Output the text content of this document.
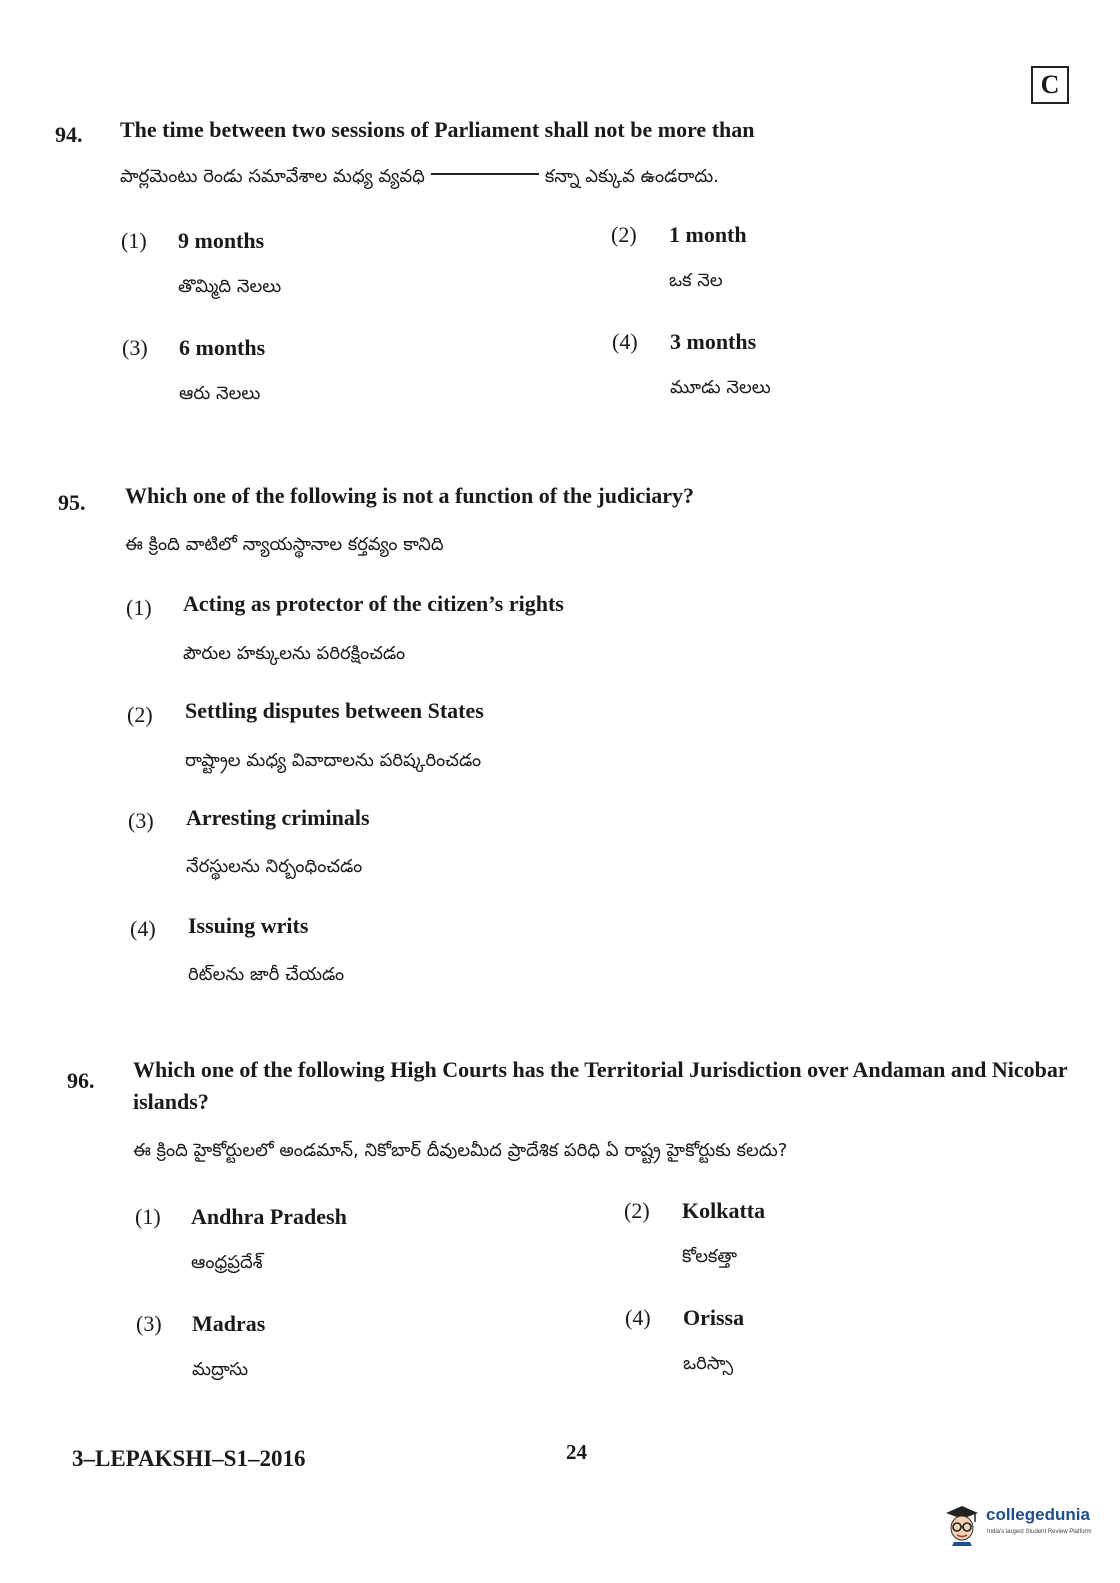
C
94. The time between two sessions of Parliament shall not be more than
పార్లమెంటు రెండు సమావేశాల మధ్య వ్యవధి	కన్నా ఎక్కువ ఉండరాదు.
(1) 9 months
తొమ్మిది నెలలు
(2) 1 month
ఒక నెల
(3) 6 months
ఆరు నెలలు
(4) 3 months
మూడు నెలలు
95. Which one of the following is not a function of the judiciary?
ఈ క్రింది వాటిలో న్యాయస్థానాల కర్తవ్యం కానిది
(1) Acting as protector of the citizen’s rights
పౌరుల హక్కులను పరిరక్షించడం
(2) Settling disputes between States
రాష్ట్రాల మధ్య వివాదాలను పరిష్కరించడం
(3) Arresting criminals
నేరస్థులను నిర్బంధించడం
(4) Issuing writs
రిట్‌లను జారీ చేయడం
96. Which one of the following High Courts has the Territorial Jurisdiction over Andaman and Nicobar islands?
ఈ క్రింది హైకోర్టులలో అండమాన్, నికోబార్ దీవులమీద ప్రాదేశిక పరిధి ఏ రాష్ట్ర హైకోర్టుకు కలదు?
(1) Andhra Pradesh
ఆంధ్రప్రదేశ్
(2) Kolkatta
కోలకత్తా
(3) Madras
మద్రాసు
(4) Orissa
ఒరిస్సా
3–LEPAKSHI–S1–2016	24
collegedunia
India's largest Student Review Platform
